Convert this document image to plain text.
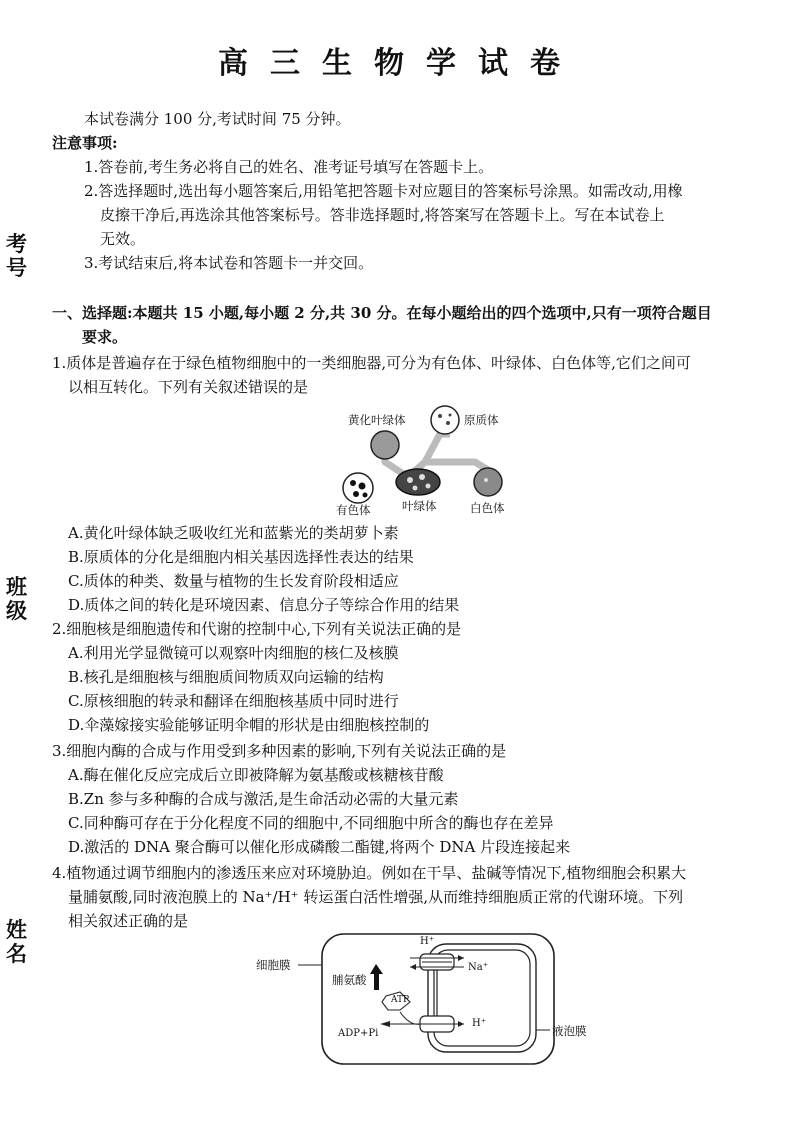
考
号
班
级
姓
名
高三生物学试卷
本试卷满分 100 分,考试时间 75 分钟。
注意事项:
1.答卷前,考生务必将自己的姓名、准考证号填写在答题卡上。
2.答选择题时,选出每小题答案后,用铅笔把答题卡对应题目的答案标号涂黑。如需改动,用橡
皮擦干净后,再选涂其他答案标号。答非选择题时,将答案写在答题卡上。写在本试卷上
无效。
3.考试结束后,将本试卷和答题卡一并交回。
一、选择题:本题共 15 小题,每小题 2 分,共 30 分。在每小题给出的四个选项中,只有一项符合题目
要求。
1.质体是普遍存在于绿色植物细胞中的一类细胞器,可分为有色体、叶绿体、白色体等,它们之间可
以相互转化。下列有关叙述错误的是
黄化叶绿体	原质体
有色体	叶绿体	白色体
A.黄化叶绿体缺乏吸收红光和蓝紫光的类胡萝卜素
B.原质体的分化是细胞内相关基因选择性表达的结果
C.质体的种类、数量与植物的生长发育阶段相适应
D.质体之间的转化是环境因素、信息分子等综合作用的结果
2.细胞核是细胞遗传和代谢的控制中心,下列有关说法正确的是
A.利用光学显微镜可以观察叶肉细胞的核仁及核膜
B.核孔是细胞核与细胞质间物质双向运输的结构
C.原核细胞的转录和翻译在细胞核基质中同时进行
D.伞藻嫁接实验能够证明伞帽的形状是由细胞核控制的
3.细胞内酶的合成与作用受到多种因素的影响,下列有关说法正确的是
A.酶在催化反应完成后立即被降解为氨基酸或核糖核苷酸
B.Zn 参与多种酶的合成与激活,是生命活动必需的大量元素
C.同种酶可存在于分化程度不同的细胞中,不同细胞中所含的酶也存在差异
D.激活的 DNA 聚合酶可以催化形成磷酸二酯键,将两个 DNA 片段连接起来
4.植物通过调节细胞内的渗透压来应对环境胁迫。例如在干旱、盐碱等情况下,植物细胞会积累大
量脯氨酸,同时液泡膜上的 Na⁺/H⁺ 转运蛋白活性增强,从而维持细胞质正常的代谢环境。下列
相关叙述正确的是
细胞膜
脯氨酸
ATP
ADP+Pi
H⁺
Na⁺
H⁺
液泡膜
